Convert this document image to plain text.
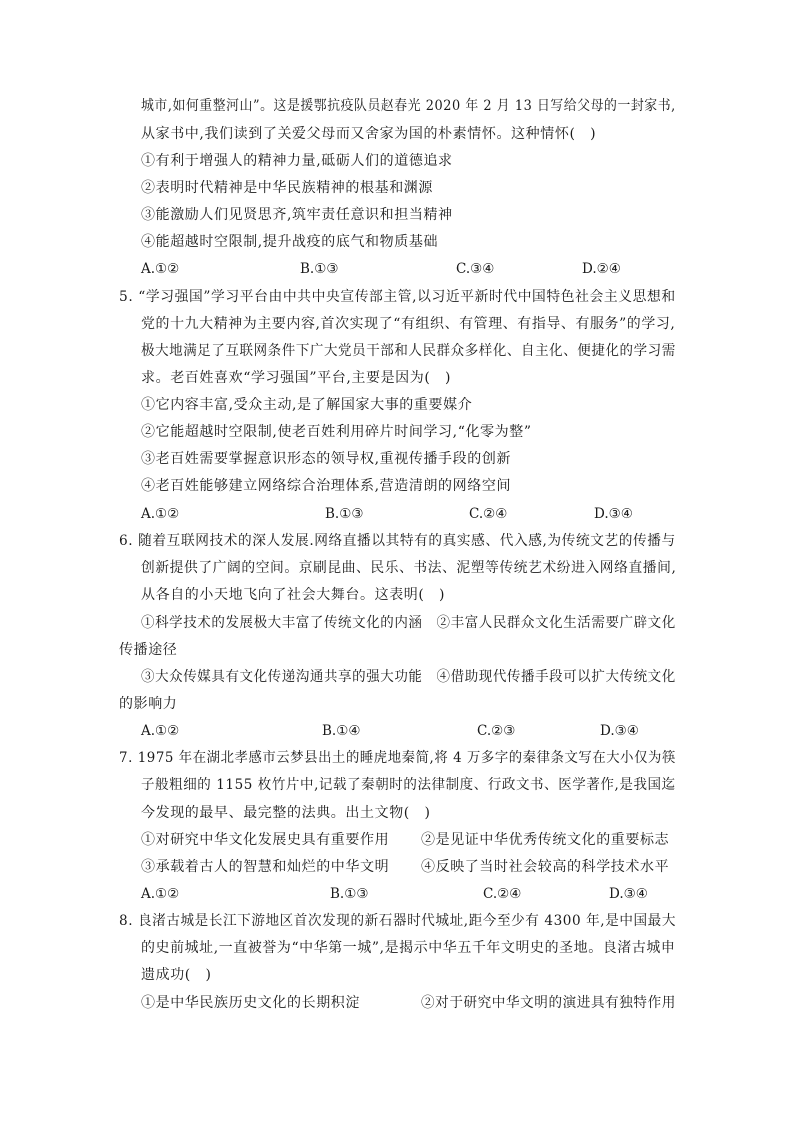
城市,如何重整河山”。这是援鄂抗疫队员赵春光 2020 年 2 月 13 日写给父母的一封家书,
从家书中,我们读到了关爱父母而又舍家为国的朴素情怀。这种情怀(　)
①有利于增强人的精神力量,砥砺人们的道德追求
②表明时代精神是中华民族精神的根基和渊源
③能激励人们见贤思齐,筑牢责任意识和担当精神
④能超越时空限制,提升战疫的底气和物质基础
A.①②	B.①③	C.③④	D.②④
5. “学习强国”学习平台由中共中央宣传部主管,以习近平新时代中国特色社会主义思想和
党的十九大精神为主要内容,首次实现了“有组织、有管理、有指导、有服务”的学习,
极大地满足了互联网条件下广大党员干部和人民群众多样化、自主化、便捷化的学习需
求。老百姓喜欢“学习强国”平台,主要是因为(　)
①它内容丰富,受众主动,是了解国家大事的重要媒介
②它能超越时空限制,使老百姓利用碎片时间学习,“化零为整”
③老百姓需要掌握意识形态的领导权,重视传播手段的创新
④老百姓能够建立网络综合治理体系,营造清朗的网络空间
A.①②	B.①③	C.②④	D.③④
6. 随着互联网技术的深人发展.网络直播以其特有的真实感、代入感,为传统文艺的传播与
创新提供了广阔的空间。京刷昆曲、民乐、书法、泥塑等传统艺术纷进入网络直播间,
从各自的小天地飞向了社会大舞台。这表明(　)
①科学技术的发展极大丰富了传统文化的内涵　②丰富人民群众文化生活需要广辟文化
传播途径
③大众传媒具有文化传递沟通共享的强大功能　④借助现代传播手段可以扩大传统文化
的影响力
A.①②	B.①④	C.②③	D.③④
7. 1975 年在湖北孝感市云梦县出土的睡虎地秦简,将 4 万多字的秦律条文写在大小仅为筷
子般粗细的 1155 枚竹片中,记载了秦朝时的法律制度、行政文书、医学著作,是我国迄
今发现的最早、最完整的法典。出土文物(　)
①对研究中华文化发展史具有重要作用 ②是见证中华优秀传统文化的重要标志
③承载着古人的智慧和灿烂的中华文明 ④反映了当时社会较高的科学技术水平
A.①②	B.①③	C.②④	D.③④
8. 良渚古城是长江下游地区首次发现的新石器时代城址,距今至少有 4300 年,是中国最大
的史前城址,一直被誉为“中华第一城”,是揭示中华五千年文明史的圣地。良渚古城申
遗成功(　)
①是中华民族历史文化的长期积淀	②对于研究中华文明的演进具有独特作用
